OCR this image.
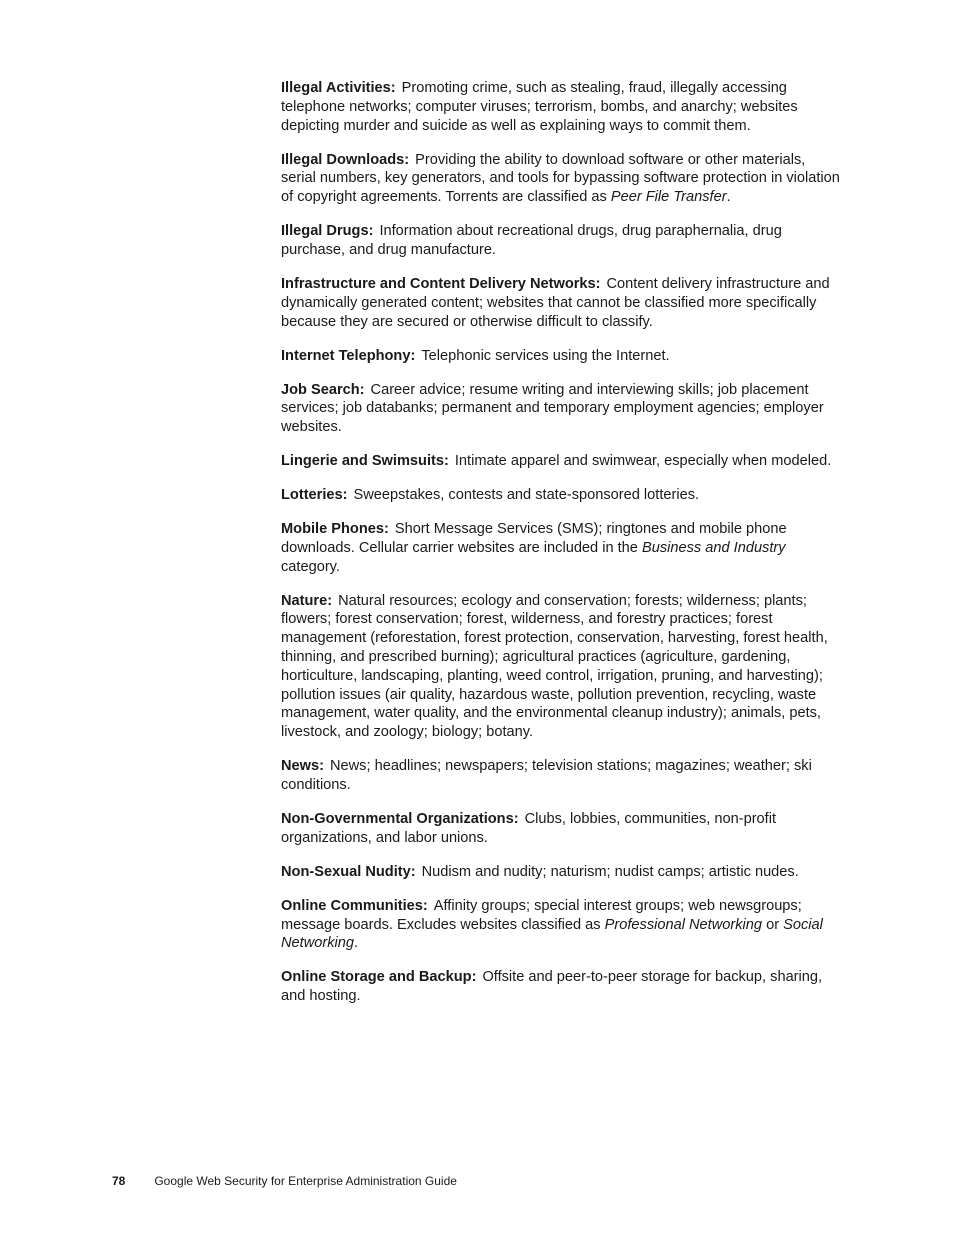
Illegal Activities: Promoting crime, such as stealing, fraud, illegally accessing telephone networks; computer viruses; terrorism, bombs, and anarchy; websites depicting murder and suicide as well as explaining ways to commit them.

Illegal Downloads: Providing the ability to download software or other materials, serial numbers, key generators, and tools for bypassing software protection in violation of copyright agreements. Torrents are classified as Peer File Transfer.

Illegal Drugs: Information about recreational drugs, drug paraphernalia, drug purchase, and drug manufacture.

Infrastructure and Content Delivery Networks: Content delivery infrastructure and dynamically generated content; websites that cannot be classified more specifically because they are secured or otherwise difficult to classify.

Internet Telephony: Telephonic services using the Internet.

Job Search: Career advice; resume writing and interviewing skills; job placement services; job databanks; permanent and temporary employment agencies; employer websites.

Lingerie and Swimsuits: Intimate apparel and swimwear, especially when modeled.

Lotteries: Sweepstakes, contests and state-sponsored lotteries.

Mobile Phones: Short Message Services (SMS); ringtones and mobile phone downloads. Cellular carrier websites are included in the Business and Industry category.

Nature: Natural resources; ecology and conservation; forests; wilderness; plants; flowers; forest conservation; forest, wilderness, and forestry practices; forest management (reforestation, forest protection, conservation, harvesting, forest health, thinning, and prescribed burning); agricultural practices (agriculture, gardening, horticulture, landscaping, planting, weed control, irrigation, pruning, and harvesting); pollution issues (air quality, hazardous waste, pollution prevention, recycling, waste management, water quality, and the environmental cleanup industry); animals, pets, livestock, and zoology; biology; botany.

News: News; headlines; newspapers; television stations; magazines; weather; ski conditions.

Non-Governmental Organizations: Clubs, lobbies, communities, non-profit organizations, and labor unions.

Non-Sexual Nudity: Nudism and nudity; naturism; nudist camps; artistic nudes.

Online Communities: Affinity groups; special interest groups; web newsgroups; message boards. Excludes websites classified as Professional Networking or Social Networking.

Online Storage and Backup: Offsite and peer-to-peer storage for backup, sharing, and hosting.

78 Google Web Security for Enterprise Administration Guide
